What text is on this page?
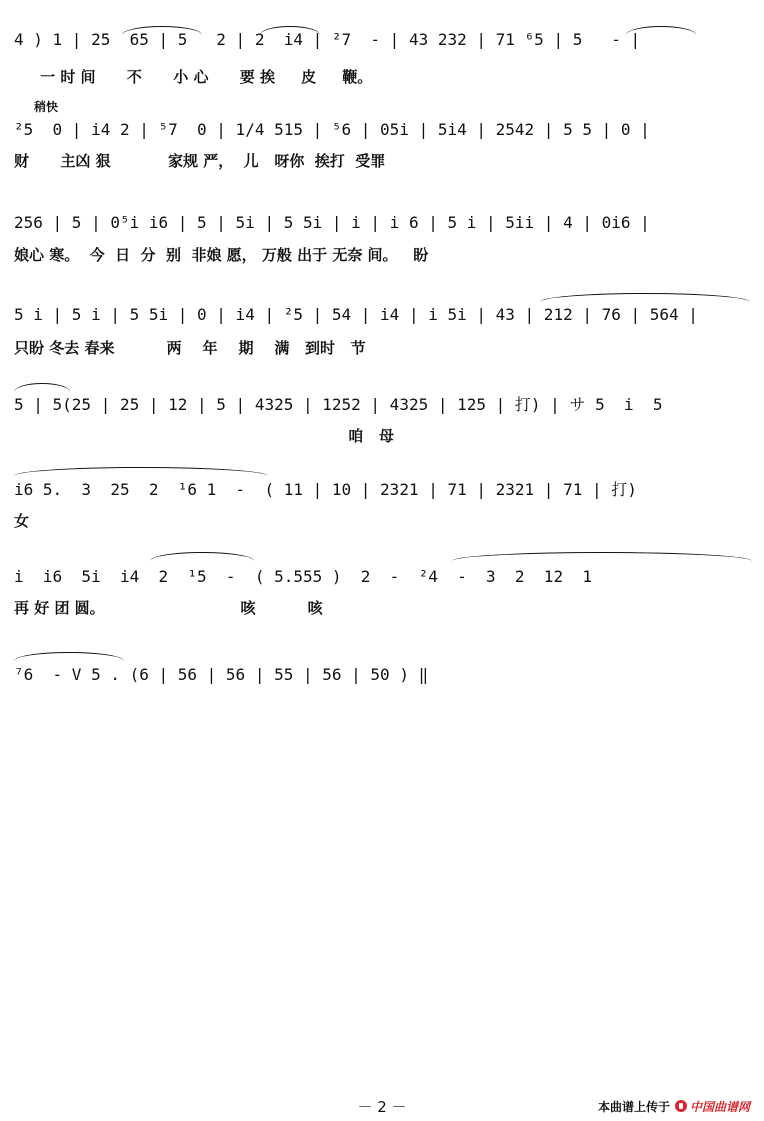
4 ) 1 | 25  65 | 5   2 | 2  i4 | ²7  - | 43 232 | 71 ⁶5 | 5   - |
一 时 间      不      小 心      要 挨     皮     鞭。
稍快
²5  0 | i4 2 | ⁵7  0 | 1/4 515 | ⁵6 | 05i | 5i4 | 2542 | 5 5 | 0 |
财      主凶 狠           家规 严，  儿   呀你  挨打  受罪
256 | 5 | 0⁵i i6 | 5 | 5i | 5 5i | i | i 6 | 5 i | 5ii | 4 | 0i6 |
娘心 寒。  今  日  分  别  非娘 愿， 万般 出于 无奈 间。   盼
5 i | 5 i | 5 5i | 0 | i4 | ²5 | 54 | i4 | i 5i | 43 | 212 | 76 | 564 |
只盼 冬去 春来          两    年    期    满   到时   节
5 | 5(25 | 25 | 12 | 5 | 4325 | 1252 | 4325 | 125 | 打) | サ 5  i  5
咱   母
i6 5.  3  25  2  ¹6 1  -  ( 11 | 10 | 2321 | 71 | 2321 | 71 | 打)
女
i  i6  5i  i4  2  ¹5  -  ( 5.555 )  2  -  ²4  -  3  2  12  1
再 好 团 圆。                          咳          咳
⁷6  - V 5 . (6 | 56 | 56 | 55 | 56 | 50 ) ‖
－ 2 －	本曲谱上传于 中国曲谱网
